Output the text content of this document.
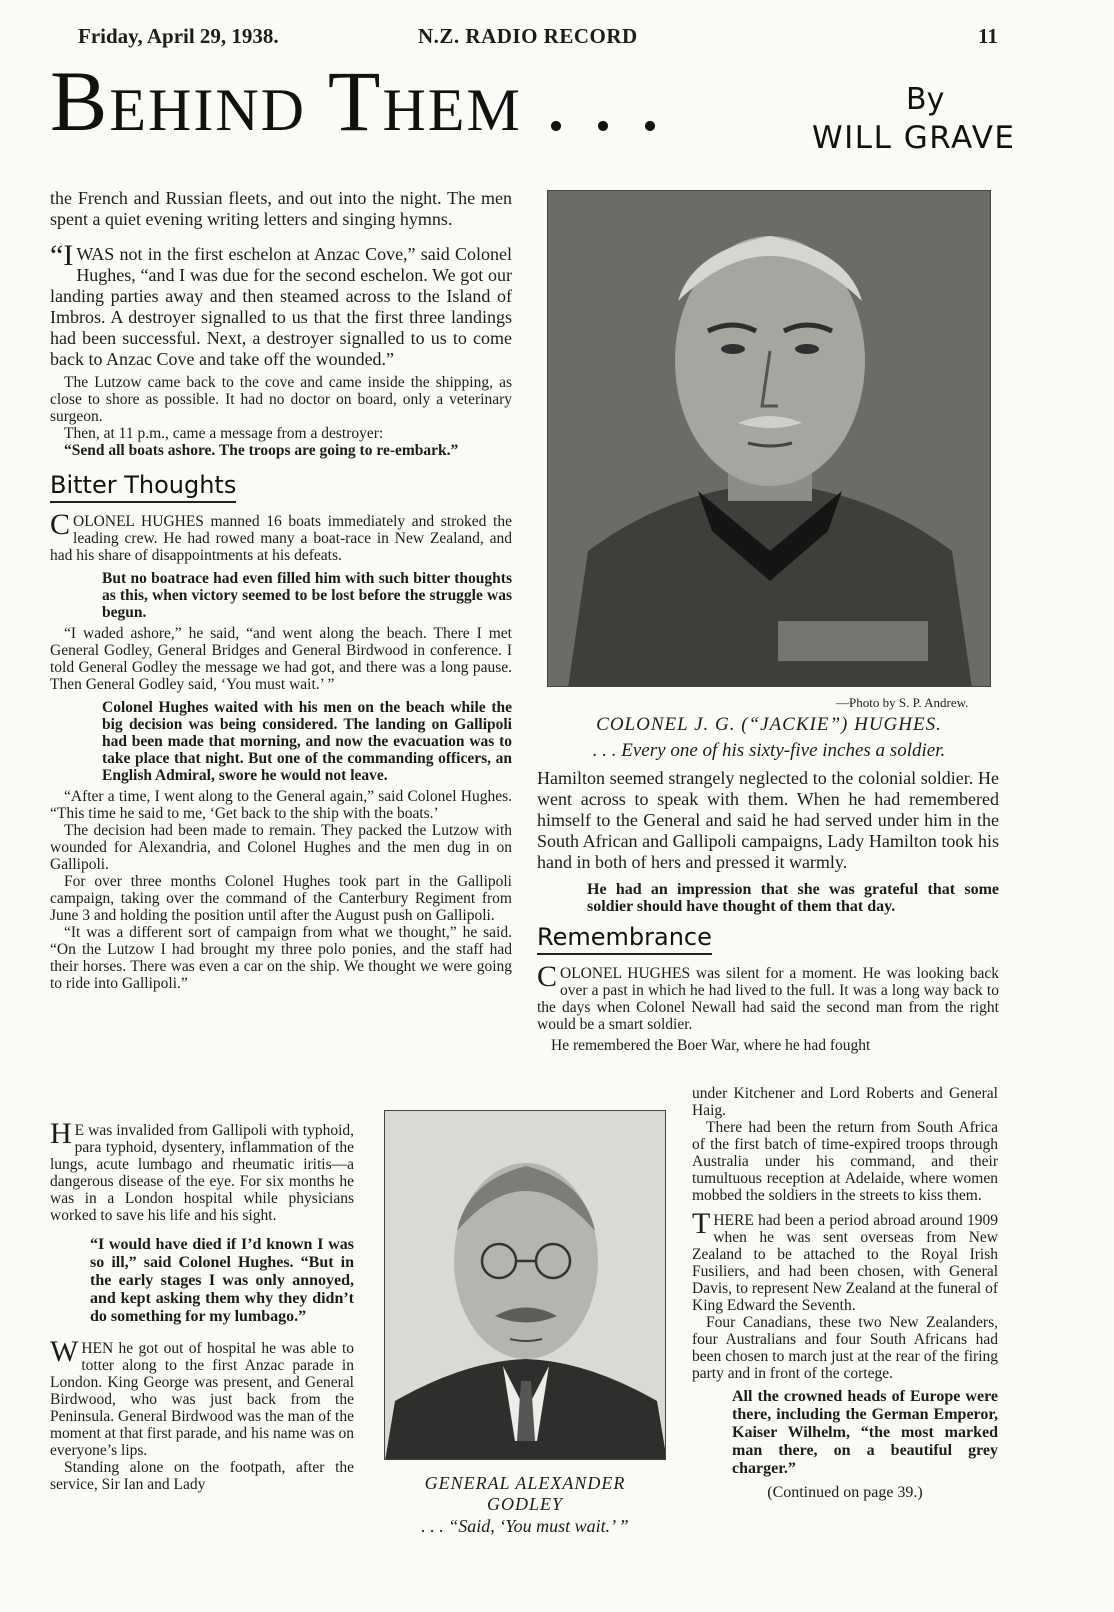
Friday, April 29, 1938.	N.Z. RADIO RECORD	11
Behind Them . . .	By
WILL GRAVE

the French and Russian fleets, and out into the night. The men spent a quiet evening writing letters and singing hymns.

“I WAS not in the first eschelon at Anzac Cove,” said Colonel Hughes, “and I was due for the second eschelon. We got our landing parties away and then steamed across to the Island of Imbros. A destroyer signalled to us that the first three landings had been successful. Next, a destroyer signalled to us to come back to Anzac Cove and take off the wounded.”

The Lutzow came back to the cove and came inside the shipping, as close to shore as possible. It had no doctor on board, only a veterinary surgeon.

Then, at 11 p.m., came a message from a destroyer:

“Send all boats ashore. The troops are going to re-embark.”

Bitter Thoughts

COLONEL HUGHES manned 16 boats immediately and stroked the leading crew. He had rowed many a boat-race in New Zealand, and had his share of disappointments at his defeats.

But no boatrace had even filled him with such bitter thoughts as this, when victory seemed to be lost before the struggle was begun.

“I waded ashore,” he said, “and went along the beach. There I met General Godley, General Bridges and General Birdwood in conference. I told General Godley the message we had got, and there was a long pause. Then General Godley said, ‘You must wait.’ ”

Colonel Hughes waited with his men on the beach while the big decision was being considered. The landing on Gallipoli had been made that morning, and now the evacuation was to take place that night. But one of the commanding officers, an English Admiral, swore he would not leave.

“After a time, I went along to the General again,” said Colonel Hughes. “This time he said to me, ‘Get back to the ship with the boats.’

The decision had been made to remain. They packed the Lutzow with wounded for Alexandria, and Colonel Hughes and the men dug in on Gallipoli.

For over three months Colonel Hughes took part in the Gallipoli campaign, taking over the command of the Canterbury Regiment from June 3 and holding the position until after the August push on Gallipoli.

“It was a different sort of campaign from what we thought,” he said. “On the Lutzow I had brought my three polo ponies, and the staff had their horses. There was even a car on the ship. We thought we were going to ride into Gallipoli.”

H E was invalided from Gallipoli with typhoid, para typhoid, dysentery, inflammation of the lungs, acute lumbago and rheumatic iritis—a dangerous disease of the eye. For six months he was in a London hospital while physicians worked to save his life and his sight.

“I would have died if I’d known I was so ill,” said Colonel Hughes. “But in the early stages I was only annoyed, and kept asking them why they didn’t do something for my lumbago.”

WHEN he got out of hospital he was able to totter along to the first Anzac parade in London. King George was present, and General Birdwood, who was just back from the Peninsula. General Birdwood was the man of the moment at that first parade, and his name was on everyone’s lips.

Standing alone on the footpath, after the service, Sir Ian and Lady

—Photo by S. P. Andrew.
COLONEL J. G. (“JACKIE”) HUGHES.
. . . Every one of his sixty-five inches a soldier.

Hamilton seemed strangely neglected to the colonial soldier. He went across to speak with them. When he had remembered himself to the General and said he had served under him in the South African and Gallipoli campaigns, Lady Hamilton took his hand in both of hers and pressed it warmly.

He had an impression that she was grateful that some soldier should have thought of them that day.

Remembrance

COLONEL HUGHES was silent for a moment. He was looking back over a past in which he had lived to the full. It was a long way back to the days when Colonel Newall had said the second man from the right would be a smart soldier.

He remembered the Boer War, where he had fought

under Kitchener and Lord Roberts and General Haig.

There had been the return from South Africa of the first batch of time-expired troops through Australia under his command, and their tumultuous reception at Adelaide, where women mobbed the soldiers in the streets to kiss them.

THERE had been a period abroad around 1909 when he was sent overseas from New Zealand to be attached to the Royal Irish Fusiliers, and had been chosen, with General Davis, to represent New Zealand at the funeral of King Edward the Seventh.

Four Canadians, these two New Zealanders, four Australians and four South Africans had been chosen to march just at the rear of the firing party and in front of the cortege.

All the crowned heads of Europe were there, including the German Emperor, Kaiser Wilhelm, “the most marked man there, on a beautiful grey charger.”

(Continued on page 39.)

GENERAL ALEXANDER
GODLEY
. . . “Said, ‘You must wait.’ ”
